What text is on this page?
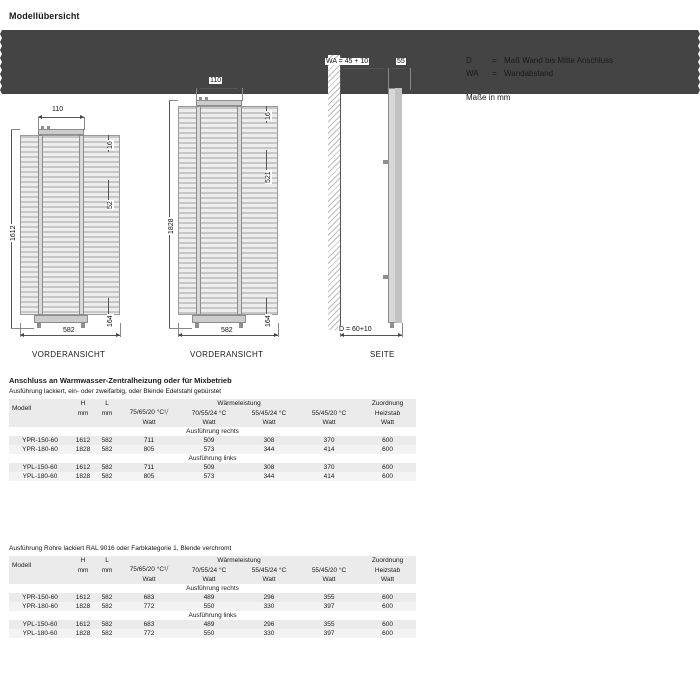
Modellübersicht
110
1612
16
52
164
582
VORDERANSICHT
110
1828
16
521
164
582
VORDERANSICHT
WA = 45 + 10	55
D = 60+10
SEITE
D	= Maß Wand bis Mitte Anschluss
WA	= Wandabstand
Maße in mm
Anschluss an Warmwasser-Zentralheizung oder für Mixbetrieb
Ausführung lackiert, ein- oder zweifarbig, oder Blende Edelstahl gebürstet
Modell	H	L	Wärmeleistung				Zuordnung
	mm	mm	75/65/20 °C¹⧸	70/55/24 °C	55/45/24 °C	55/45/20 °C	Heizstab
			Watt	Watt	Watt	Watt	Watt
Ausführung rechts							
YPR-150-60	1612	582	711	509	308	370	600
YPR-180-60	1828	582	805	573	344	414	600
Ausführung links							
YPL-150-60	1612	582	711	509	308	370	600
YPL-180-60	1828	582	805	573	344	414	600
Ausführung Rohre lackiert RAL 9016 oder Farbkategorie 1, Blende verchromt
Modell	H	L	Wärmeleistung				Zuordnung
	mm	mm	75/65/20 °C¹⧸	70/55/24 °C	55/45/24 °C	55/45/20 °C	Heizstab
			Watt	Watt	Watt	Watt	Watt
Ausführung rechts							
YPR-150-60	1612	582	683	489	296	355	600
YPR-180-60	1828	582	772	550	330	397	600
Ausführung links							
YPL-150-60	1612	582	683	489	296	355	600
YPL-180-60	1828	582	772	550	330	397	600
